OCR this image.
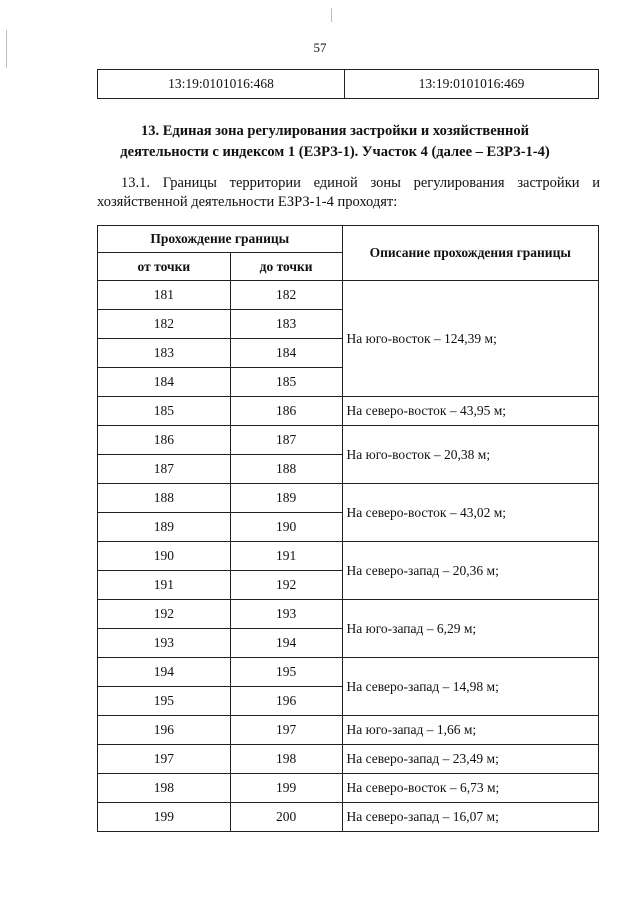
57
13:19:0101016:468	13:19:0101016:469
13. Единая зона регулирования застройки и хозяйственной
деятельности с индексом 1 (ЕЗРЗ-1). Участок 4 (далее – ЕЗРЗ-1-4)
13.1. Границы территории единой зоны регулирования застройки и хозяйственной деятельности ЕЗРЗ-1-4 проходят:
Прохождение границы		Описание прохождения границы
от точки	до точки	
181	182	На юго-восток – 124,39 м;
182	183	
183	184	
184	185	
185	186	На северо-восток – 43,95 м;
186	187	На юго-восток – 20,38 м;
187	188	
188	189	На северо-восток – 43,02 м;
189	190	
190	191	На северо-запад – 20,36 м;
191	192	
192	193	На юго-запад – 6,29 м;
193	194	
194	195	На северо-запад – 14,98 м;
195	196	
196	197	На юго-запад – 1,66 м;
197	198	На северо-запад – 23,49 м;
198	199	На северо-восток – 6,73 м;
199	200	На северо-запад – 16,07 м;
